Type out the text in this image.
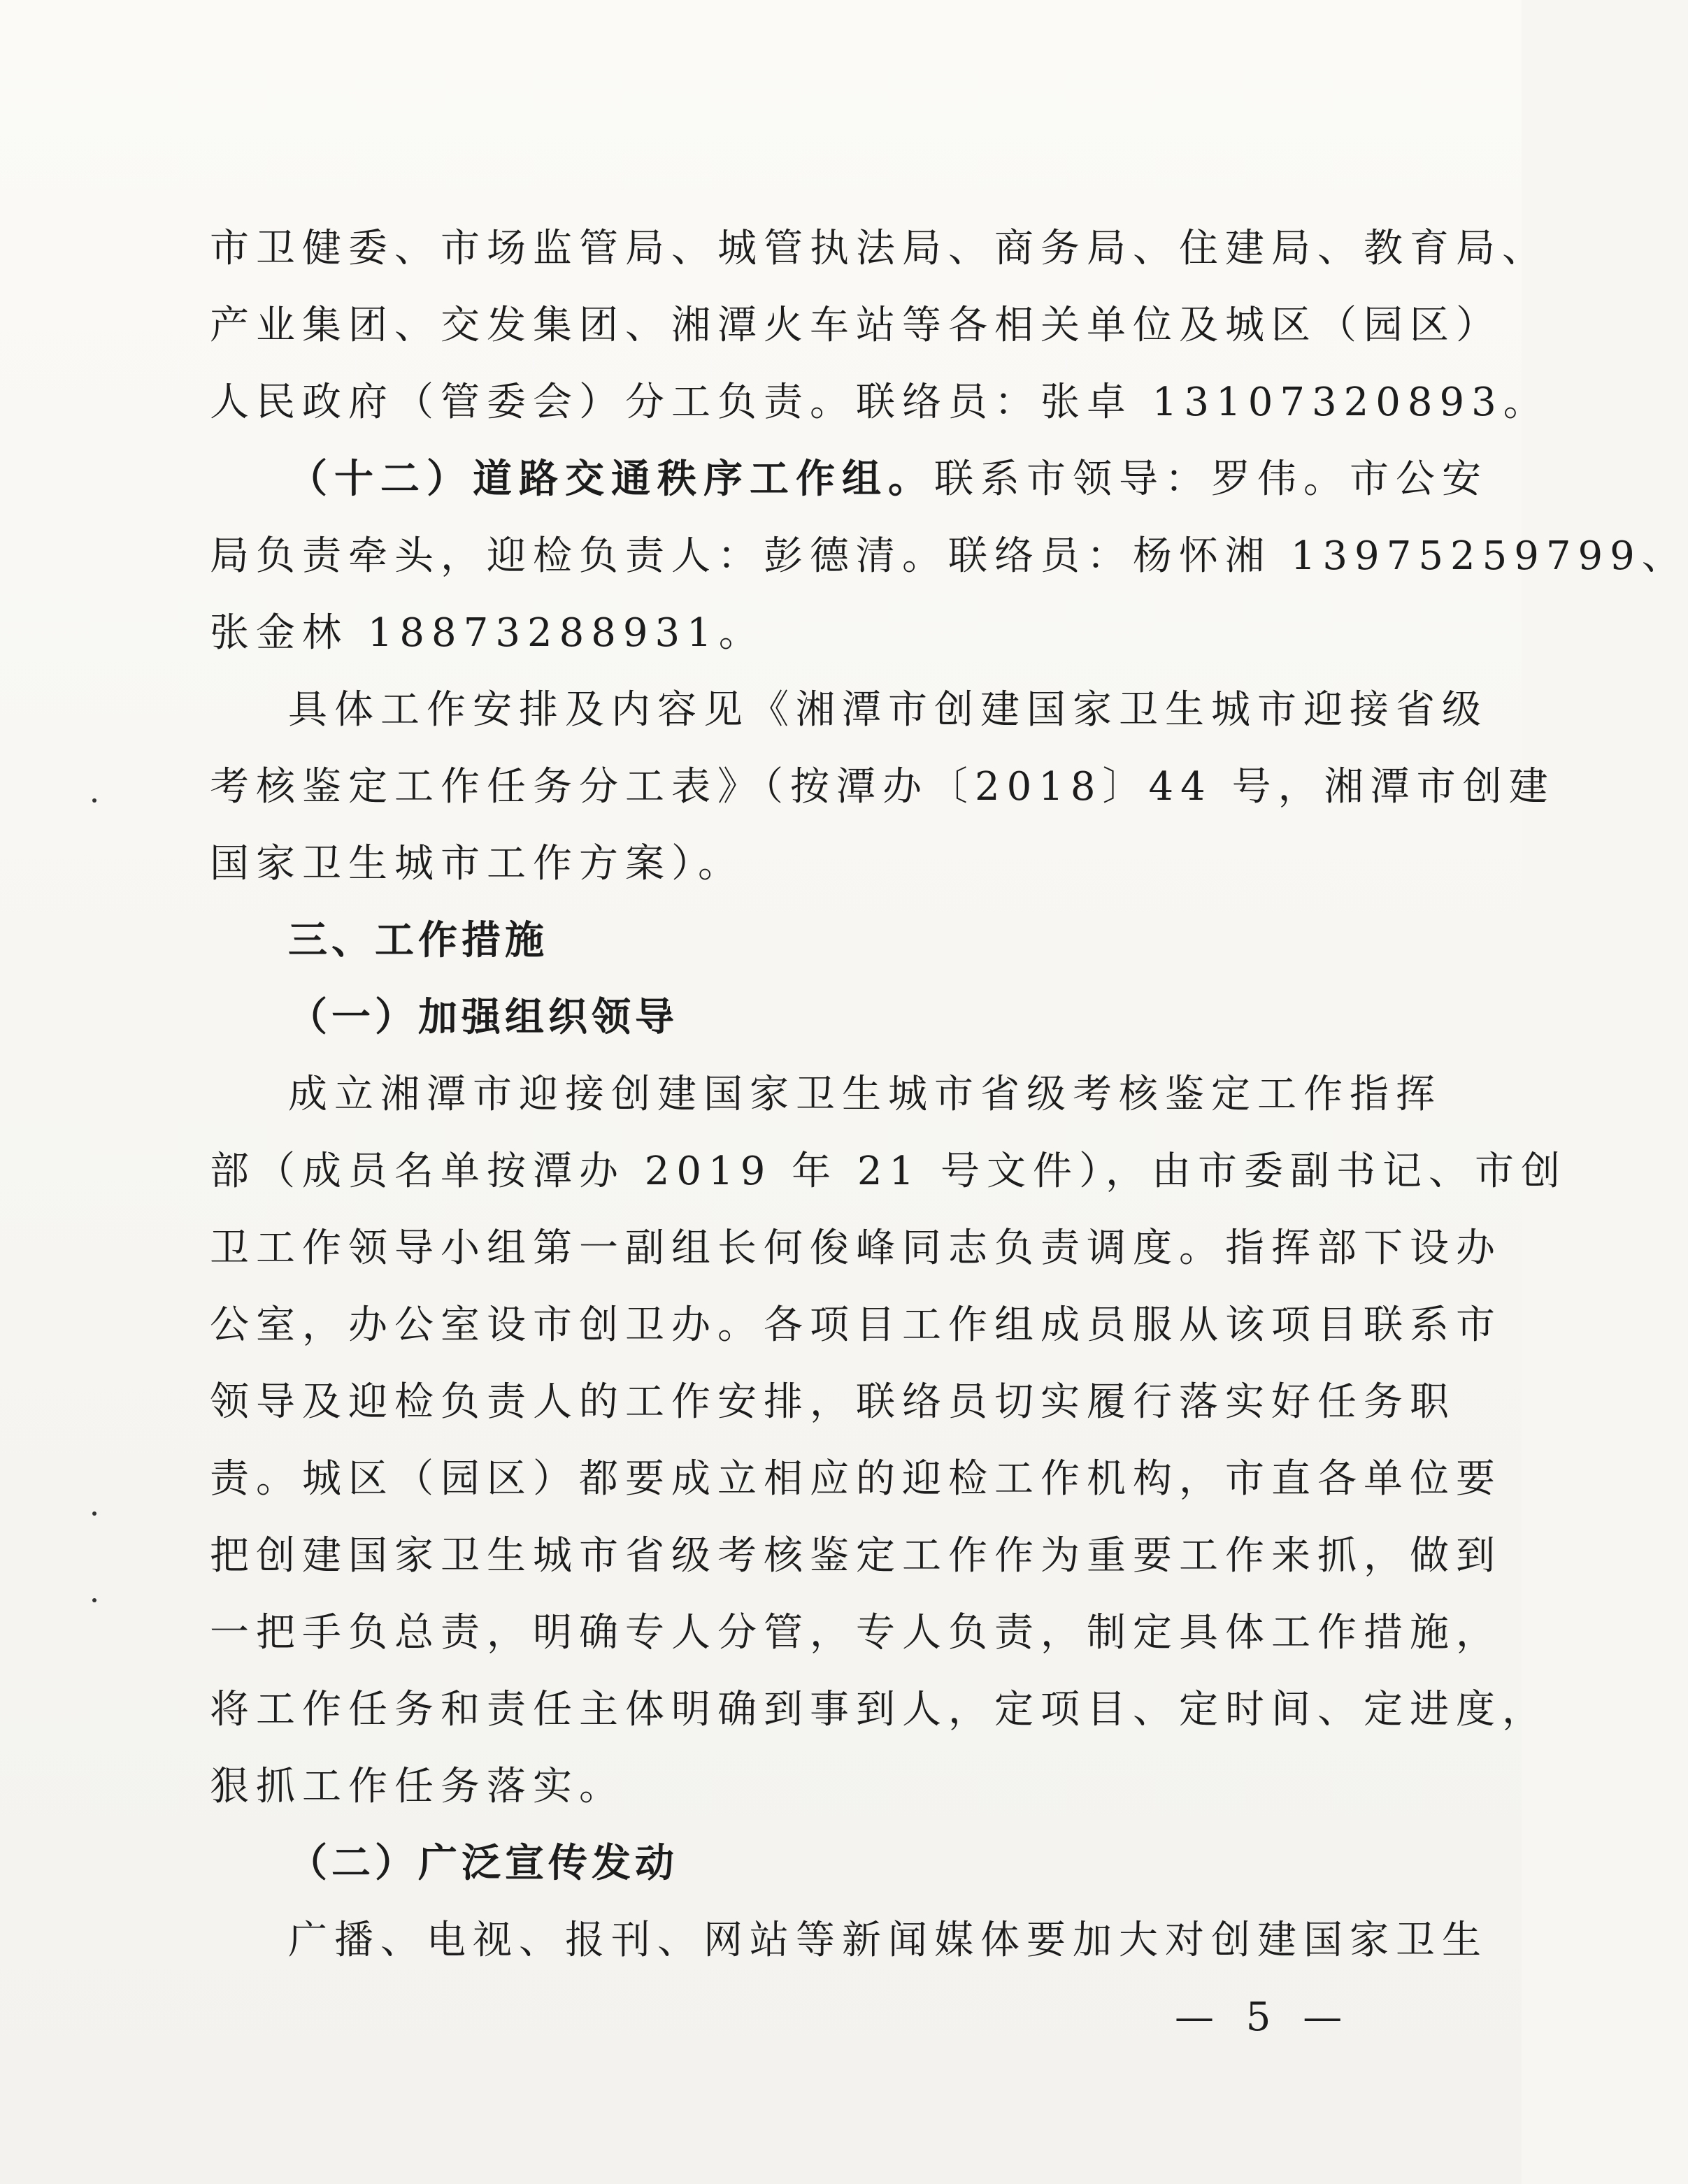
市卫健委、市场监管局、城管执法局、商务局、住建局、教育局、
产业集团、交发集团、湘潭火车站等各相关单位及城区（园区）
人民政府（管委会）分工负责。联络员：张卓 13107320893。
（十二）道路交通秩序工作组。联系市领导：罗伟。市公安
局负责牵头，迎检负责人：彭德清。联络员：杨怀湘 13975259799、
张金林 18873288931。
具体工作安排及内容见《湘潭市创建国家卫生城市迎接省级
考核鉴定工作任务分工表》（按潭办〔2018〕44 号，湘潭市创建
国家卫生城市工作方案）。
三、工作措施
（一）加强组织领导
成立湘潭市迎接创建国家卫生城市省级考核鉴定工作指挥
部（成员名单按潭办 2019 年 21 号文件），由市委副书记、市创
卫工作领导小组第一副组长何俊峰同志负责调度。指挥部下设办
公室，办公室设市创卫办。各项目工作组成员服从该项目联系市
领导及迎检负责人的工作安排，联络员切实履行落实好任务职
责。城区（园区）都要成立相应的迎检工作机构，市直各单位要
把创建国家卫生城市省级考核鉴定工作作为重要工作来抓，做到
一把手负总责，明确专人分管，专人负责，制定具体工作措施，
将工作任务和责任主体明确到事到人，定项目、定时间、定进度，
狠抓工作任务落实。
（二）广泛宣传发动
广播、电视、报刊、网站等新闻媒体要加大对创建国家卫生
— 5 —
